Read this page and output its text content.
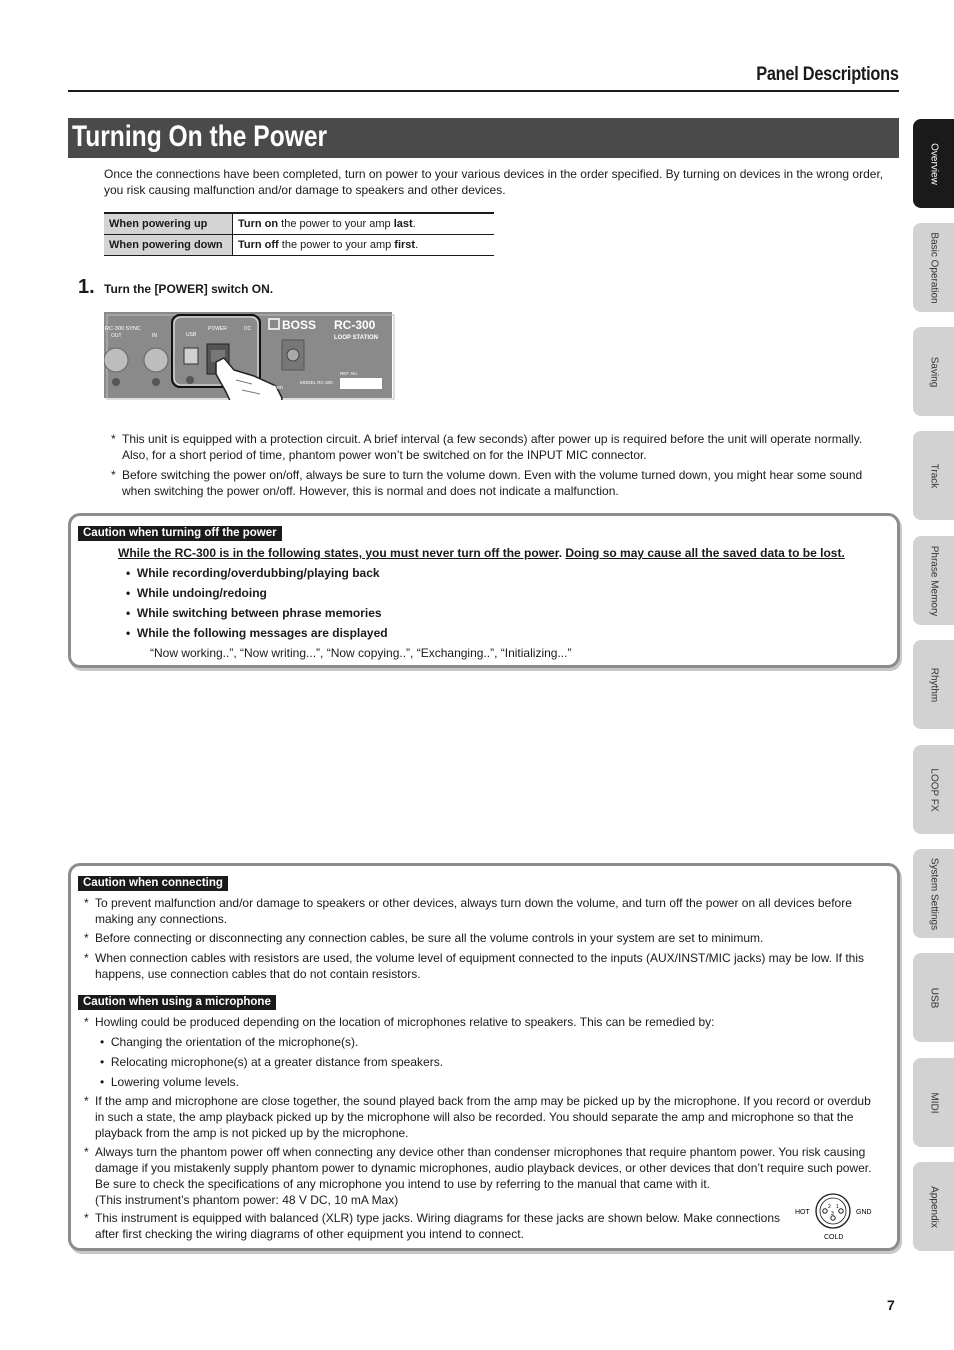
Panel Descriptions
Turning On the Power
Once the connections have been completed, turn on power to your various devices in the order specified. By turning on devices in the wrong order,
you risk causing malfunction and/or damage to speakers and other devices.
When powering up	Turn on the power to your amp last.
When powering down	Turn off the power to your amp first.
1. Turn the [POWER] switch ON.
RC-300 SYNC
OUT	IN	USB
POWER	DC	BOSS RC-300
LOOP STATION
oration
MODEL RC-300
REF. No.
* This unit is equipped with a protection circuit. A brief interval (a few seconds) after power up is required before the unit will operate normally.
Also, for a short period of time, phantom power won’t be switched on for the INPUT MIC connector.
* Before switching the power on/off, always be sure to turn the volume down. Even with the volume turned down, you might hear some sound
when switching the power on/off. However, this is normal and does not indicate a malfunction.
Caution when turning off the power
While the RC-300 is in the following states, you must never turn off the power. Doing so may cause all the saved data to be lost.
•  While recording/overdubbing/playing back
•  While undoing/redoing
•  While switching between phrase memories
•  While the following messages are displayed
“Now working..”, “Now writing...”, “Now copying..”, “Exchanging..”, “Initializing...”
Caution when connecting
* To prevent malfunction and/or damage to speakers or other devices, always turn down the volume, and turn off the power on all devices before
making any connections.
* Before connecting or disconnecting any connection cables, be sure all the volume controls in your system are set to minimum.
* When connection cables with resistors are used, the volume level of equipment connected to the inputs (AUX/INST/MIC jacks) may be low. If this
happens, use connection cables that do not contain resistors.
Caution when using a microphone
* Howling could be produced depending on the location of microphones relative to speakers. This can be remedied by:
•  Changing the orientation of the microphone(s).
•  Relocating microphone(s) at a greater distance from speakers.
•  Lowering volume levels.
* If the amp and microphone are close together, the sound played back from the amp may be picked up by the microphone. If you record or overdub
in such a state, the amp playback picked up by the microphone will also be recorded. You should separate the amp and microphone so that the
playback from the amp is not picked up by the microphone.
* Always turn the phantom power off when connecting any device other than condenser microphones that require phantom power. You risk causing
damage if you mistakenly supply phantom power to dynamic microphones, audio playback devices, or other devices that don’t require such power.
Be sure to check the specifications of any microphone you intend to use by referring to the manual that came with it.
(This instrument’s phantom power: 48 V DC, 10 mA Max)
* This instrument is equipped with balanced (XLR) type jacks. Wiring diagrams for these jacks are shown below. Make connections
after first checking the wiring diagrams of other equipment you intend to connect.
2
3
1
HOT	GND
COLD
Overview
Basic Operation
Saving
Track
Phrase Memory
Rhythm
LOOP FX
System Settings
USB
MIDI
Appendix
7
